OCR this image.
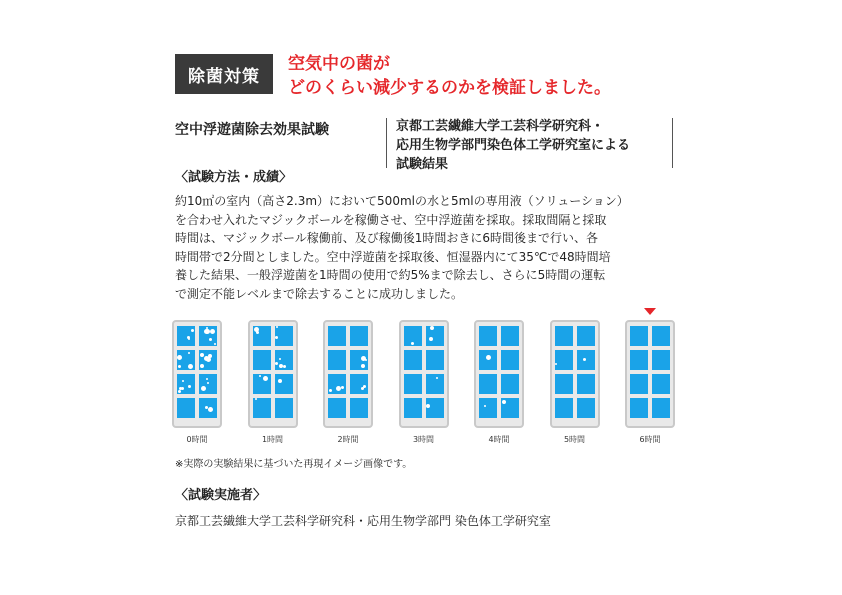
除菌対策
空気中の菌が
どのくらい減少するのかを検証しました。
空中浮遊菌除去効果試験	京都工芸繊維大学工芸科学研究科・
応用生物学部門染色体工学研究室による
試験結果
〈試験方法・成績〉
約10㎡の室内（高さ2.3m）において500mlの水と5mlの専用液（ソリューション）
を合わせ入れたマジックボールを稼働させ、空中浮遊菌を採取。採取間隔と採取
時間は、マジックボール稼働前、及び稼働後1時間おきに6時間後まで行い、各
時間帯で2分間としました。空中浮遊菌を採取後、恒湿器内にて35℃で48時間培
養した結果、一般浮遊菌を1時間の使用で約5%まで除去し、さらに5時間の運転
で測定不能レベルまで除去することに成功しました。
0時間	1時間	2時間	3時間	4時間	5時間	6時間
※実際の実験結果に基づいた再現イメージ画像です。
〈試験実施者〉
京都工芸繊維大学工芸科学研究科・応用生物学部門 染色体工学研究室
